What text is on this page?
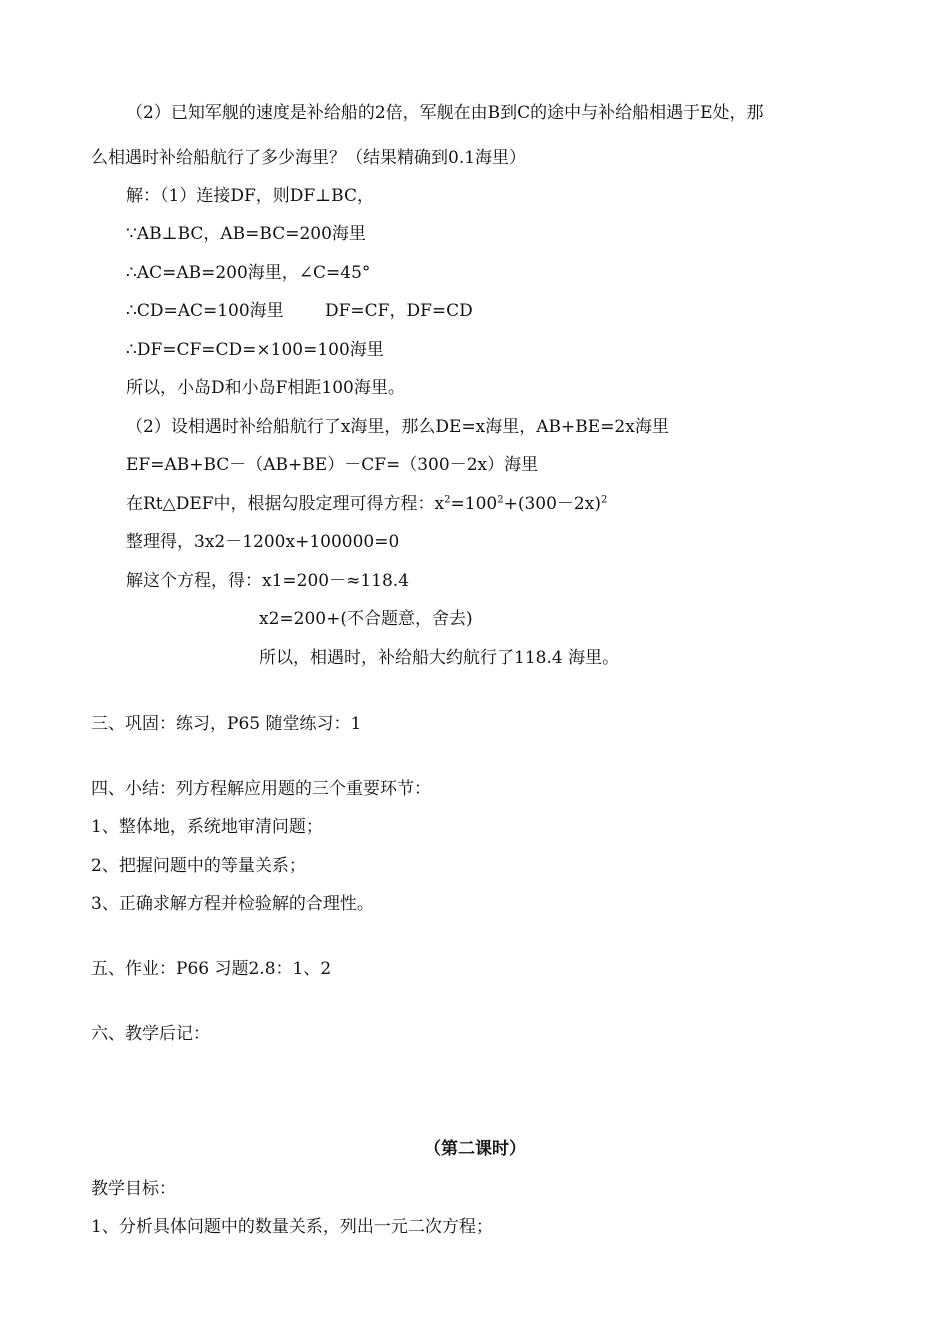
（2）已知军舰的速度是补给船的2倍，军舰在由B到C的途中与补给船相遇于E处，那
么相遇时补给船航行了多少海里？（结果精确到0.1海里）
解：（1）连接DF，则DF⊥BC，
∵AB⊥BC，AB=BC=200海里
∴AC=AB=200海里，∠C=45°
∴CD=AC=100海里 DF=CF，DF=CD
∴DF=CF=CD=×100=100海里
所以，小岛D和小岛F相距100海里。
（2）设相遇时补给船航行了x海里，那么DE=x海里，AB+BE=2x海里
EF=AB+BC－（AB+BE）－CF=（300－2x）海里
在Rt△DEF中，根据勾股定理可得方程：$x^2=100^2+(300-2x)^2$
整理得，3x2－1200x+100000=0
解这个方程，得：x1=200－≈118.4
x2=200+(不合题意，舍去)
所以，相遇时，补给船大约航行了118.4 海里。
三、巩固：练习，P65 随堂练习：1
四、小结：列方程解应用题的三个重要环节：
1、整体地，系统地审清问题；
2、把握问题中的等量关系；
3、正确求解方程并检验解的合理性。
五、作业：P66 习题2.8：1、2
六、教学后记：
（第二课时）
教学目标：
1、分析具体问题中的数量关系，列出一元二次方程；
